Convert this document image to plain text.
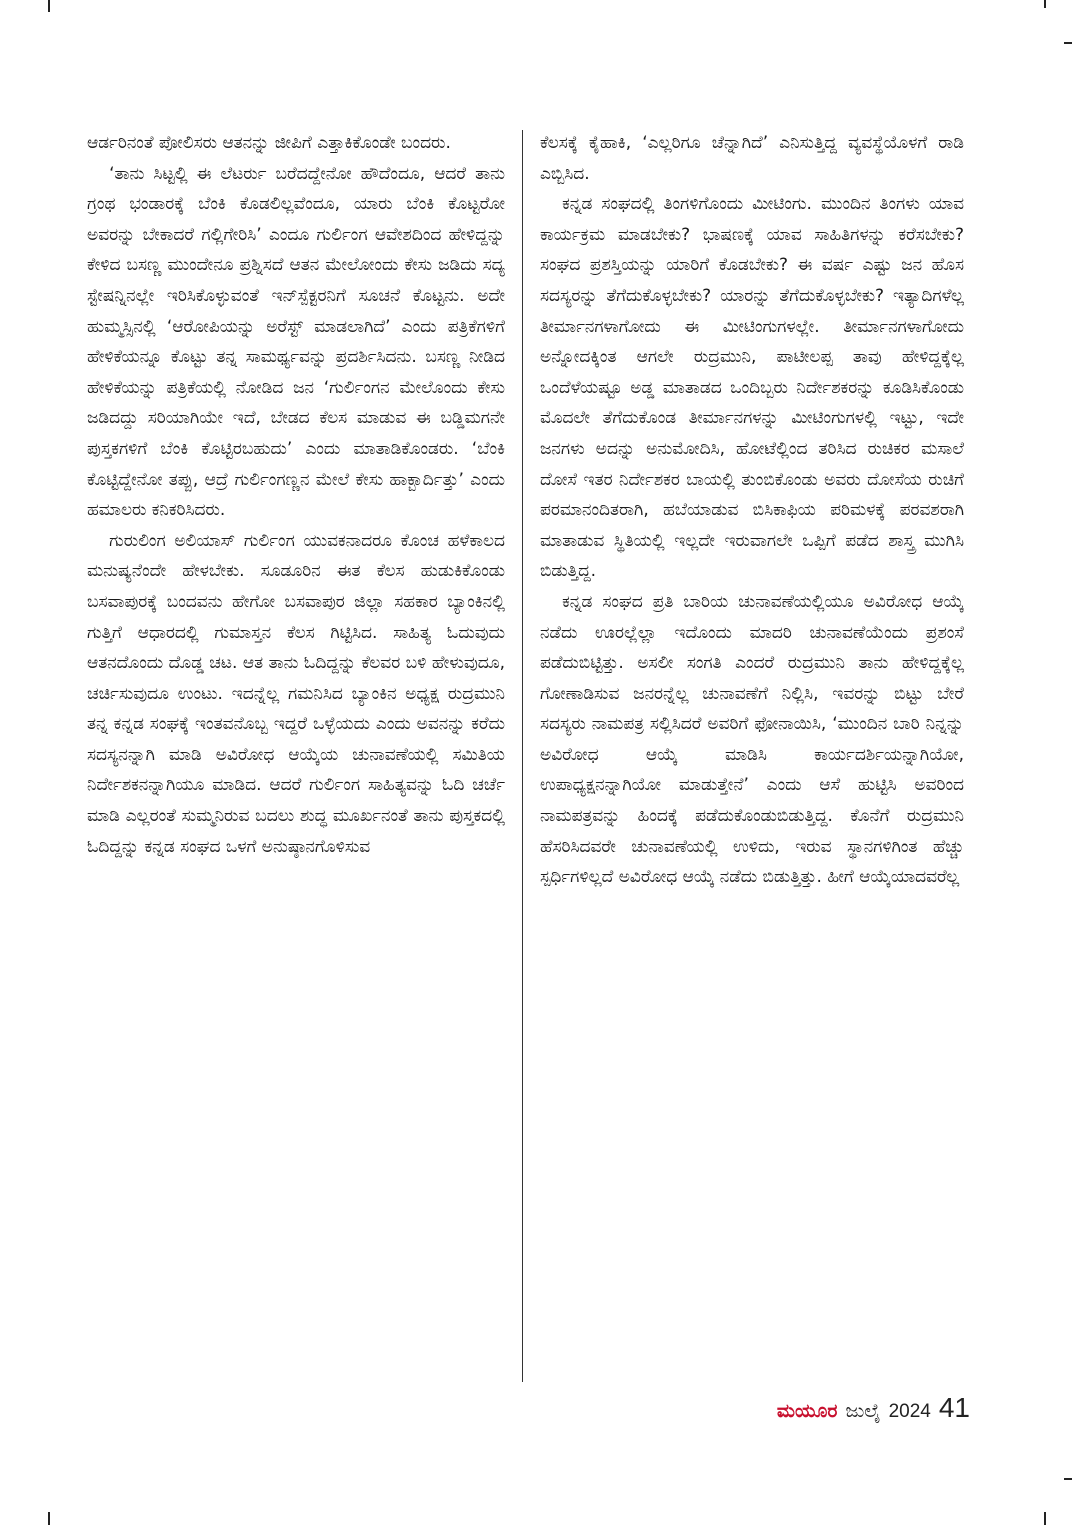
ಆರ್ಡರಿನಂತೆ ಪೋಲಿಸರು ಆತನನ್ನು ಜೀಪಿಗೆ ಎತ್ತಾಕಿಕೊಂಡೇ ಬಂದರು.

‘ತಾನು ಸಿಟ್ಟಲ್ಲಿ ಈ ಲೆಟರ್ರು ಬರೆದದ್ದೇನೋ ಹೌದೆಂದೂ, ಆದರೆ ತಾನು ಗ್ರಂಥ ಭಂಡಾರಕ್ಕೆ ಬೆಂಕಿ ಕೊಡಲಿಲ್ಲವೆಂದೂ, ಯಾರು ಬೆಂಕಿ ಕೊಟ್ಟರೋ ಅವರನ್ನು ಬೇಕಾದರೆ ಗಲ್ಲಿಗೇರಿಸಿ’ ಎಂದೂ ಗುರ್ಲಿಂಗ ಆವೇಶದಿಂದ ಹೇಳಿದ್ದನ್ನು ಕೇಳಿದ ಬಸಣ್ಣ ಮುಂದೇನೂ ಪ್ರಶ್ನಿಸದೆ ಆತನ ಮೇಲೋಂದು ಕೇಸು ಜಡಿದು ಸದ್ಯ ಸ್ಟೇಷನ್ನಿನಲ್ಲೇ ಇರಿಸಿಕೊಳ್ಳುವಂತೆ ಇನ್‌ಸ್ಪೆಕ್ಟರನಿಗೆ ಸೂಚನೆ ಕೊಟ್ಟನು. ಅದೇ ಹುಮ್ಮಸ್ಸಿನಲ್ಲಿ ‘ಆರೋಪಿಯನ್ನು ಅರೆಸ್ಟ್ ಮಾಡಲಾಗಿದೆ’ ಎಂದು ಪತ್ರಿಕೆಗಳಿಗೆ ಹೇಳಿಕೆಯನ್ನೂ ಕೊಟ್ಟು ತನ್ನ ಸಾಮರ್ಥ್ಯವನ್ನು ಪ್ರದರ್ಶಿಸಿದನು. ಬಸಣ್ಣ ನೀಡಿದ ಹೇಳಿಕೆಯನ್ನು ಪತ್ರಿಕೆಯಲ್ಲಿ ನೋಡಿದ ಜನ ‘ಗುರ್ಲಿಂಗನ ಮೇಲೊಂದು ಕೇಸು ಜಡಿದದ್ದು ಸರಿಯಾಗಿಯೇ ಇದೆ, ಬೇಡದ ಕೆಲಸ ಮಾಡುವ ಈ ಬಡ್ಡಿಮಗನೇ ಪುಸ್ತಕಗಳಿಗೆ ಬೆಂಕಿ ಕೊಟ್ಟಿರಬಹುದು’ ಎಂದು ಮಾತಾಡಿಕೊಂಡರು. ‘ಬೆಂಕಿ ಕೊಟ್ಟಿದ್ದೇನೋ ತಪ್ಪು, ಆದ್ರೆ ಗುರ್ಲಿಂಗಣ್ಣನ ಮೇಲೆ ಕೇಸು ಹಾಕ್ಬಾರ್ದಿತ್ತು’ ಎಂದು ಹಮಾಲರು ಕನಿಕರಿಸಿದರು.

ಗುರುಲಿಂಗ ಅಲಿಯಾಸ್ ಗುರ್ಲಿಂಗ ಯುವಕನಾದರೂ ಕೊಂಚ ಹಳೆಕಾಲದ ಮನುಷ್ಯನೆಂದೇ ಹೇಳಬೇಕು. ಸೂಡೂರಿನ ಈತ ಕೆಲಸ ಹುಡುಕಿಕೊಂಡು ಬಸವಾಪುರಕ್ಕೆ ಬಂದವನು ಹೇಗೋ ಬಸವಾಪುರ ಜಿಲ್ಲಾ ಸಹಕಾರ ಬ್ಯಾಂಕಿನಲ್ಲಿ ಗುತ್ತಿಗೆ ಆಧಾರದಲ್ಲಿ ಗುಮಾಸ್ತನ ಕೆಲಸ ಗಿಟ್ಟಿಸಿದ. ಸಾಹಿತ್ಯ ಓದುವುದು ಆತನದೊಂದು ದೊಡ್ಡ ಚಟ. ಆತ ತಾನು ಓದಿದ್ದನ್ನು ಕೆಲವರ ಬಳಿ ಹೇಳುವುದೂ, ಚರ್ಚಿಸುವುದೂ ಉಂಟು. ಇದನ್ನೆಲ್ಲ ಗಮನಿಸಿದ ಬ್ಯಾಂಕಿನ ಅಧ್ಯಕ್ಷ ರುದ್ರಮುನಿ ತನ್ನ ಕನ್ನಡ ಸಂಘಕ್ಕೆ ಇಂತವನೊಬ್ಬ ಇದ್ದರೆ ಒಳ್ಳೆಯದು ಎಂದು ಅವನನ್ನು ಕರೆದು ಸದಸ್ಯನನ್ನಾಗಿ ಮಾಡಿ ಅವಿರೋಧ ಆಯ್ಕೆಯ ಚುನಾವಣೆಯಲ್ಲಿ ಸಮಿತಿಯ ನಿರ್ದೇಶಕನನ್ನಾಗಿಯೂ ಮಾಡಿದ. ಆದರೆ ಗುರ್ಲಿಂಗ ಸಾಹಿತ್ಯವನ್ನು ಓದಿ ಚರ್ಚೆ ಮಾಡಿ ಎಲ್ಲರಂತೆ ಸುಮ್ಮನಿರುವ ಬದಲು ಶುದ್ಧ ಮೂರ್ಖನಂತೆ ತಾನು ಪುಸ್ತಕದಲ್ಲಿ ಓದಿದ್ದನ್ನು ಕನ್ನಡ ಸಂಘದ ಒಳಗೆ ಅನುಷ್ಠಾನಗೊಳಿಸುವ

ಕೆಲಸಕ್ಕೆ ಕೈಹಾಕಿ, ‘ಎಲ್ಲರಿಗೂ ಚೆನ್ನಾಗಿದೆ’ ಎನಿಸುತ್ತಿದ್ದ ವ್ಯವಸ್ಥೆಯೊಳಗೆ ರಾಡಿ ಎಬ್ಬಿಸಿದ.

ಕನ್ನಡ ಸಂಘದಲ್ಲಿ ತಿಂಗಳಿಗೊಂದು ಮೀಟಿಂಗು. ಮುಂದಿನ ತಿಂಗಳು ಯಾವ ಕಾರ್ಯಕ್ರಮ ಮಾಡಬೇಕು? ಭಾಷಣಕ್ಕೆ ಯಾವ ಸಾಹಿತಿಗಳನ್ನು ಕರೆಸಬೇಕು? ಸಂಘದ ಪ್ರಶಸ್ತಿಯನ್ನು ಯಾರಿಗೆ ಕೊಡಬೇಕು? ಈ ವರ್ಷ ಎಷ್ಟು ಜನ ಹೊಸ ಸದಸ್ಯರನ್ನು ತೆಗೆದುಕೊಳ್ಳಬೇಕು? ಯಾರನ್ನು ತೆಗೆದುಕೊಳ್ಳಬೇಕು? ಇತ್ಯಾದಿಗಳೆಲ್ಲ ತೀರ್ಮಾನಗಳಾಗೋದು ಈ ಮೀಟಿಂಗುಗಳಲ್ಲೇ. ತೀರ್ಮಾನಗಳಾಗೋದು ಅನ್ನೋದಕ್ಕಿಂತ ಆಗಲೇ ರುದ್ರಮುನಿ, ಪಾಟೀಲಪ್ಪ ತಾವು ಹೇಳಿದ್ದಕ್ಕೆಲ್ಲ ಒಂದೆಳೆಯಷ್ಟೂ ಅಡ್ಡ ಮಾತಾಡದ ಒಂದಿಬ್ಬರು ನಿರ್ದೇಶಕರನ್ನು ಕೂಡಿಸಿಕೊಂಡು ಮೊದಲೇ ತೆಗೆದುಕೊಂಡ ತೀರ್ಮಾನಗಳನ್ನು ಮೀಟಿಂಗುಗಳಲ್ಲಿ ಇಟ್ಟು, ಇದೇ ಜನಗಳು ಅದನ್ನು ಅನುಮೋದಿಸಿ, ಹೋಟೆಲ್ಲಿಂದ ತರಿಸಿದ ರುಚಿಕರ ಮಸಾಲೆ ದೋಸೆ ಇತರ ನಿರ್ದೇಶಕರ ಬಾಯಲ್ಲಿ ತುಂಬಿಕೊಂಡು ಅವರು ದೋಸೆಯ ರುಚಿಗೆ ಪರಮಾನಂದಿತರಾಗಿ, ಹಬೆಯಾಡುವ ಬಿಸಿಕಾಫಿಯ ಪರಿಮಳಕ್ಕೆ ಪರವಶರಾಗಿ ಮಾತಾಡುವ ಸ್ಥಿತಿಯಲ್ಲಿ ಇಲ್ಲದೇ ಇರುವಾಗಲೇ ಒಪ್ಪಿಗೆ ಪಡೆದ ಶಾಸ್ತ್ರ ಮುಗಿಸಿ ಬಿಡುತ್ತಿದ್ದ.

ಕನ್ನಡ ಸಂಘದ ಪ್ರತಿ ಬಾರಿಯ ಚುನಾವಣೆಯಲ್ಲಿಯೂ ಅವಿರೋಧ ಆಯ್ಕೆ ನಡೆದು ಊರಲ್ಲೆಲ್ಲಾ ಇದೊಂದು ಮಾದರಿ ಚುನಾವಣೆಯೆಂದು ಪ್ರಶಂಸೆ ಪಡೆದುಬಿಟ್ಟಿತ್ತು. ಅಸಲೀ ಸಂಗತಿ ಎಂದರೆ ರುದ್ರಮುನಿ ತಾನು ಹೇಳಿದ್ದಕ್ಕೆಲ್ಲ ಗೋಣಾಡಿಸುವ ಜನರನ್ನೆಲ್ಲ ಚುನಾವಣೆಗೆ ನಿಲ್ಲಿಸಿ, ಇವರನ್ನು ಬಿಟ್ಟು ಬೇರೆ ಸದಸ್ಯರು ನಾಮಪತ್ರ ಸಲ್ಲಿಸಿದರೆ ಅವರಿಗೆ ಫೋನಾಯಿಸಿ, ‘ಮುಂದಿನ ಬಾರಿ ನಿನ್ನನ್ನು ಅವಿರೋಧ ಆಯ್ಕೆ ಮಾಡಿಸಿ ಕಾರ್ಯದರ್ಶಿಯನ್ನಾಗಿಯೋ, ಉಪಾಧ್ಯಕ್ಷನನ್ನಾಗಿಯೋ ಮಾಡುತ್ತೇನೆ’ ಎಂದು ಆಸೆ ಹುಟ್ಟಿಸಿ ಅವರಿಂದ ನಾಮಪತ್ರವನ್ನು ಹಿಂದಕ್ಕೆ ಪಡೆದುಕೊಂಡುಬಿಡುತ್ತಿದ್ದ. ಕೊನೆಗೆ ರುದ್ರಮುನಿ ಹೆಸರಿಸಿದವರೇ ಚುನಾವಣೆಯಲ್ಲಿ ಉಳಿದು, ಇರುವ ಸ್ಥಾನಗಳಿಗಿಂತ ಹೆಚ್ಚು ಸ್ಪರ್ಧಿಗಳಿಲ್ಲದೆ ಅವಿರೋಧ ಆಯ್ಕೆ ನಡೆದು ಬಿಡುತ್ತಿತ್ತು. ಹೀಗೆ ಆಯ್ಕೆಯಾದವರೆಲ್ಲ

ಮಯೂರ ಜುಲೈ 2024 41
